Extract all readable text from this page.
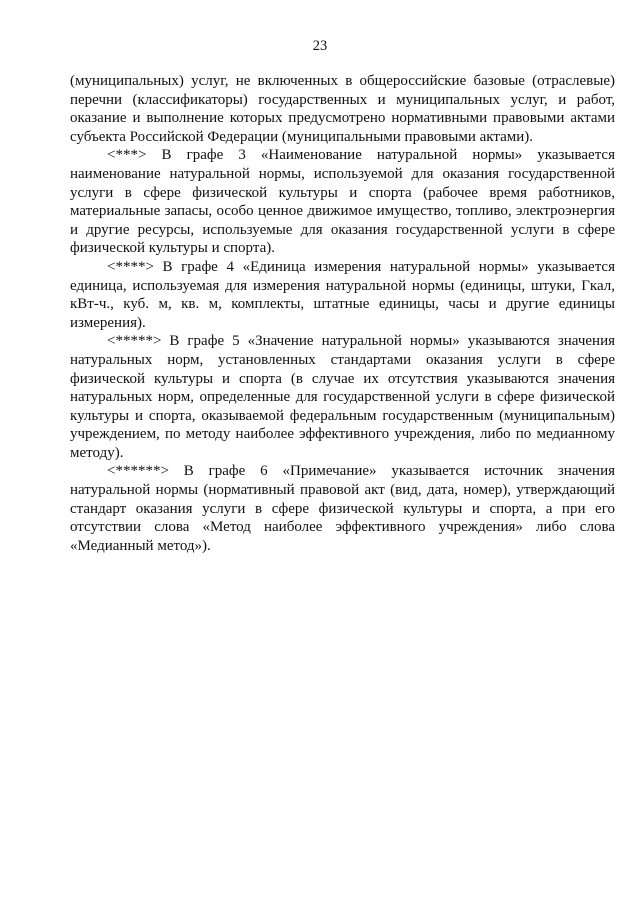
23

(муниципальных) услуг, не включенных в общероссийские базовые (отраслевые) перечни (классификаторы) государственных и муниципальных услуг, и работ, оказание и выполнение которых предусмотрено нормативными правовыми актами субъекта Российской Федерации (муниципальными правовыми актами).

<***> В графе 3 «Наименование натуральной нормы» указывается наименование натуральной нормы, используемой для оказания государственной услуги в сфере физической культуры и спорта (рабочее время работников, материальные запасы, особо ценное движимое имущество, топливо, электроэнергия и другие ресурсы, используемые для оказания государственной услуги в сфере физической культуры и спорта).

<****> В графе 4 «Единица измерения натуральной нормы» указывается единица, используемая для измерения натуральной нормы (единицы, штуки, Гкал, кВт-ч., куб. м, кв. м, комплекты, штатные единицы, часы и другие единицы измерения).

<*****> В графе 5 «Значение натуральной нормы» указываются значения натуральных норм, установленных стандартами оказания услуги в сфере физической культуры и спорта (в случае их отсутствия указываются значения натуральных норм, определенные для государственной услуги в сфере физической культуры и спорта, оказываемой федеральным государственным (муниципальным) учреждением, по методу наиболее эффективного учреждения, либо по медианному методу).

<******> В графе 6 «Примечание» указывается источник значения натуральной нормы (нормативный правовой акт (вид, дата, номер), утверждающий стандарт оказания услуги в сфере физической культуры и спорта, а при его отсутствии слова «Метод наиболее эффективного учреждения» либо слова «Медианный метод»).
